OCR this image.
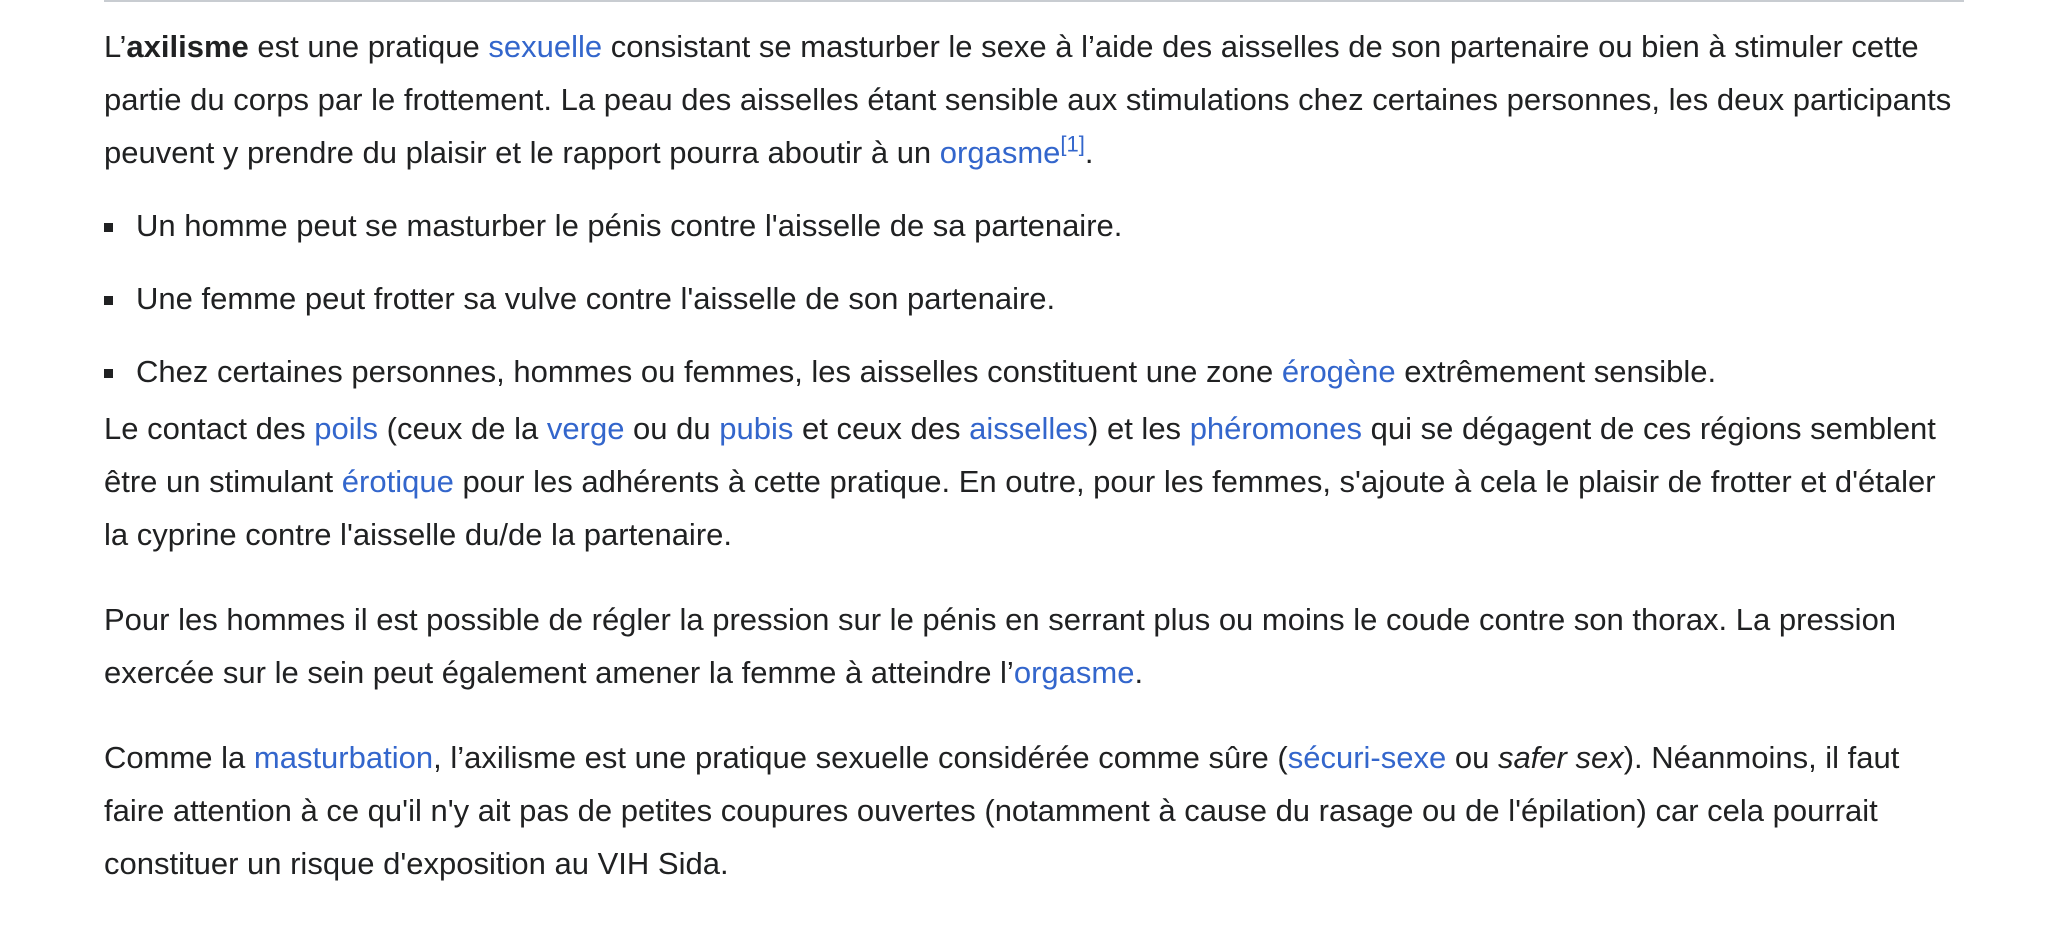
L’axilisme est une pratique sexuelle consistant se masturber le sexe à l’aide des aisselles de son partenaire ou bien à stimuler cette partie du corps par le frottement. La peau des aisselles étant sensible aux stimulations chez certaines personnes, les deux participants peuvent y prendre du plaisir et le rapport pourra aboutir à un orgasme[1].

Un homme peut se masturber le pénis contre l'aisselle de sa partenaire.
Une femme peut frotter sa vulve contre l'aisselle de son partenaire.
Chez certaines personnes, hommes ou femmes, les aisselles constituent une zone érogène extrêmement sensible.

Le contact des poils (ceux de la verge ou du pubis et ceux des aisselles) et les phéromones qui se dégagent de ces régions semblent être un stimulant érotique pour les adhérents à cette pratique. En outre, pour les femmes, s'ajoute à cela le plaisir de frotter et d'étaler la cyprine contre l'aisselle du/de la partenaire.

Pour les hommes il est possible de régler la pression sur le pénis en serrant plus ou moins le coude contre son thorax. La pression exercée sur le sein peut également amener la femme à atteindre l’orgasme.

Comme la masturbation, l’axilisme est une pratique sexuelle considérée comme sûre (sécuri-sexe ou safer sex). Néanmoins, il faut faire attention à ce qu'il n'y ait pas de petites coupures ouvertes (notamment à cause du rasage ou de l'épilation) car cela pourrait constituer un risque d'exposition au VIH Sida.
